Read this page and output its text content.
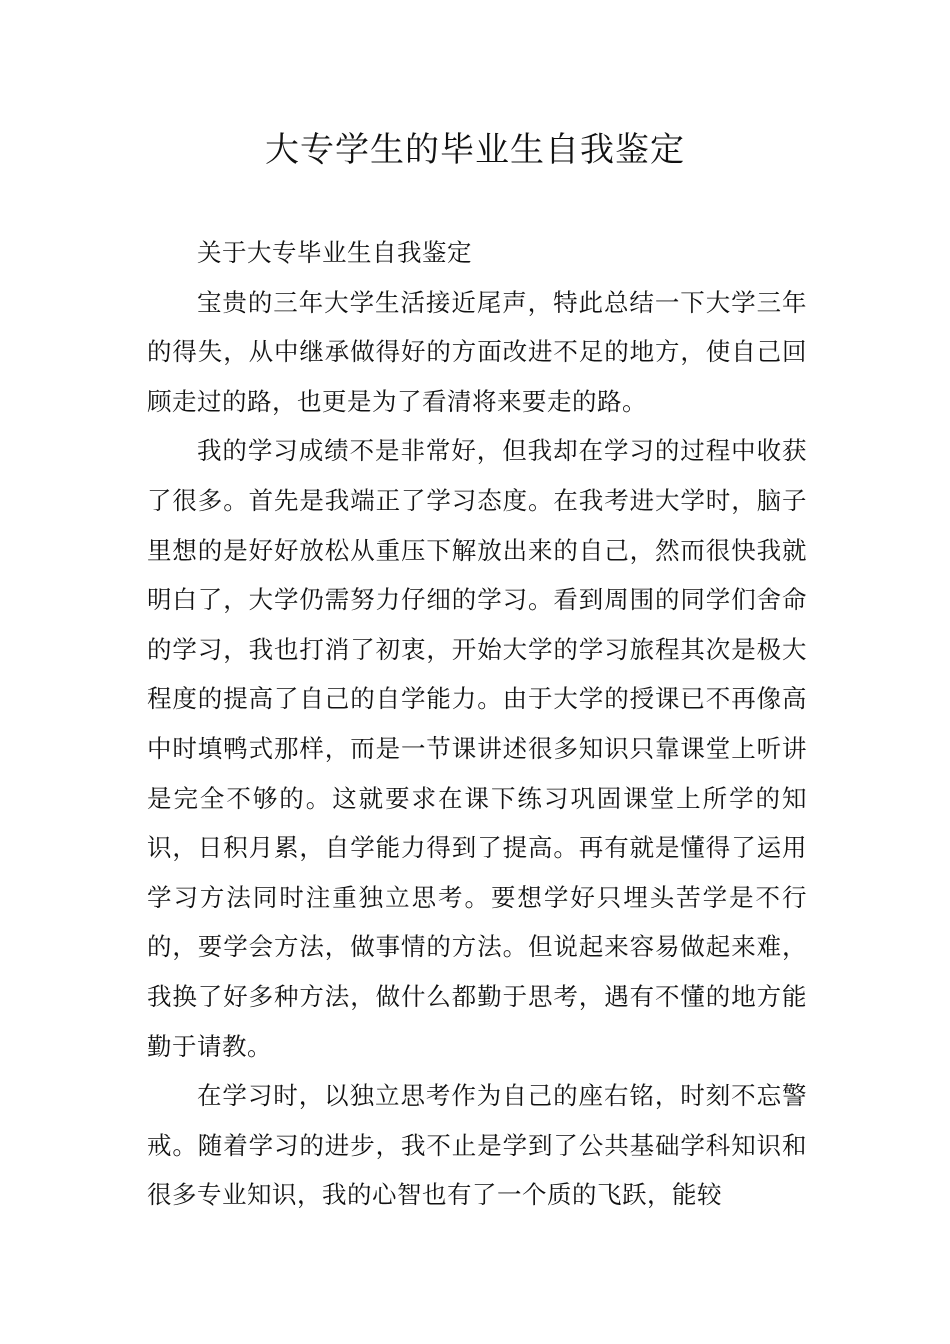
大专学生的毕业生自我鉴定

关于大专毕业生自我鉴定

宝贵的三年大学生活接近尾声，特此总结一下大学三年的得失，从中继承做得好的方面改进不足的地方，使自己回顾走过的路，也更是为了看清将来要走的路。

我的学习成绩不是非常好，但我却在学习的过程中收获了很多。首先是我端正了学习态度。在我考进大学时，脑子里想的是好好放松从重压下解放出来的自己，然而很快我就明白了，大学仍需努力仔细的学习。看到周围的同学们舍命的学习，我也打消了初衷，开始大学的学习旅程其次是极大程度的提高了自己的自学能力。由于大学的授课已不再像高中时填鸭式那样，而是一节课讲述很多知识只靠课堂上听讲是完全不够的。这就要求在课下练习巩固课堂上所学的知识，日积月累，自学能力得到了提高。再有就是懂得了运用学习方法同时注重独立思考。要想学好只埋头苦学是不行的，要学会方法，做事情的方法。但说起来容易做起来难，我换了好多种方法，做什么都勤于思考，遇有不懂的地方能勤于请教。

在学习时，以独立思考作为自己的座右铭，时刻不忘警戒。随着学习的进步，我不止是学到了公共基础学科知识和很多专业知识，我的心智也有了一个质的飞跃，能较
